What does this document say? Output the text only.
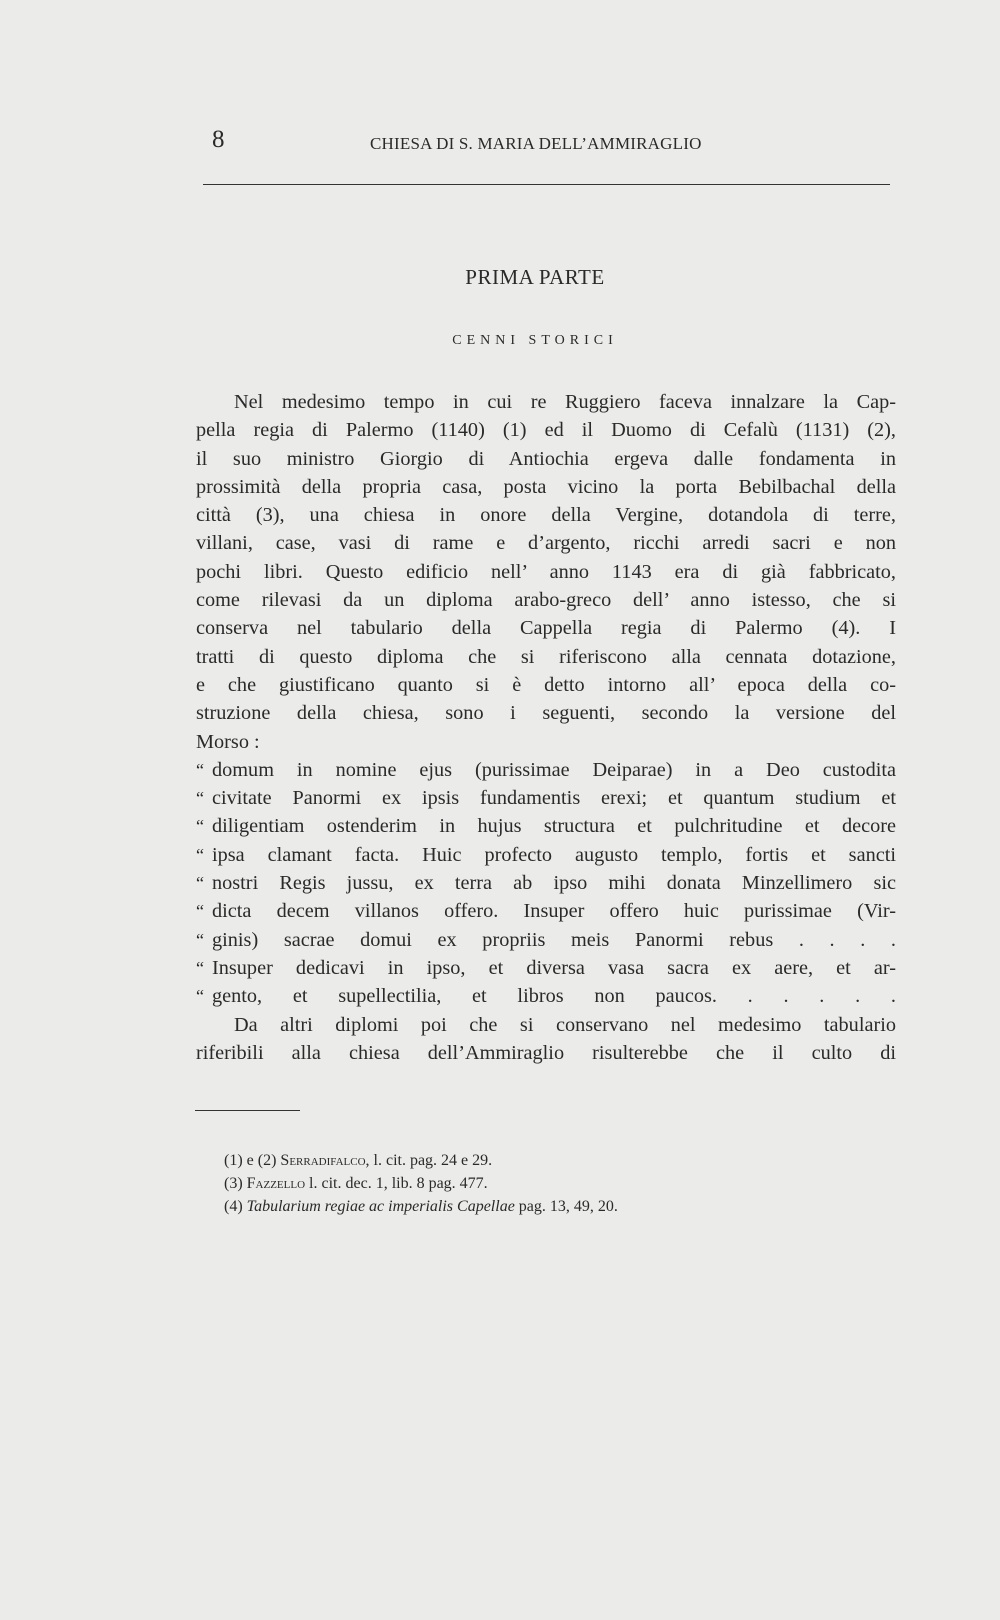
8	CHIESA DI S. MARIA DELL’AMMIRAGLIO
PRIMA PARTE
CENNI STORICI
Nel medesimo tempo in cui re Ruggiero faceva innalzare la Cap-
pella regia di Palermo (1140) (1) ed il Duomo di Cefalù (1131) (2),
il suo ministro Giorgio di Antiochia ergeva dalle fondamenta in
prossimità della propria casa, posta vicino la porta Bebilbachal della
città (3), una chiesa in onore della Vergine, dotandola di terre,
villani, case, vasi di rame e d’argento, ricchi arredi sacri e non
pochi libri. Questo edificio nell’ anno 1143 era di già fabbricato,
come rilevasi da un diploma arabo-greco dell’ anno istesso, che si
conserva nel tabulario della Cappella regia di Palermo (4). I
tratti di questo diploma che si riferiscono alla cennata dotazione,
e che giustificano quanto si è detto intorno all’ epoca della co-
struzione della chiesa, sono i seguenti, secondo la versione del
Morso :
“ domum in nomine ejus (purissimae Deiparae) in a Deo custodita
“ civitate Panormi ex ipsis fundamentis erexi; et quantum studium et
“ diligentiam ostenderim in hujus structura et pulchritudine et decore
“ ipsa clamant facta. Huic profecto augusto templo, fortis et sancti
“ nostri Regis jussu, ex terra ab ipso mihi donata Minzellimero sic
“ dicta decem villanos offero. Insuper offero huic purissimae (Vir-
“ ginis) sacrae domui ex propriis meis Panormi rebus . . . .
“ Insuper dedicavi in ipso, et diversa vasa sacra ex aere, et ar-
“ gento, et supellectilia, et libros non paucos. . . . . .
Da altri diplomi poi che si conservano nel medesimo tabulario
riferibili alla chiesa dell’Ammiraglio risulterebbe che il culto di
(1) e (2) Serradifalco, l. cit. pag. 24 e 29.
(3) Fazzello l. cit. dec. 1, lib. 8 pag. 477.
(4) Tabularium regiae ac imperialis Capellae pag. 13, 49, 20.
